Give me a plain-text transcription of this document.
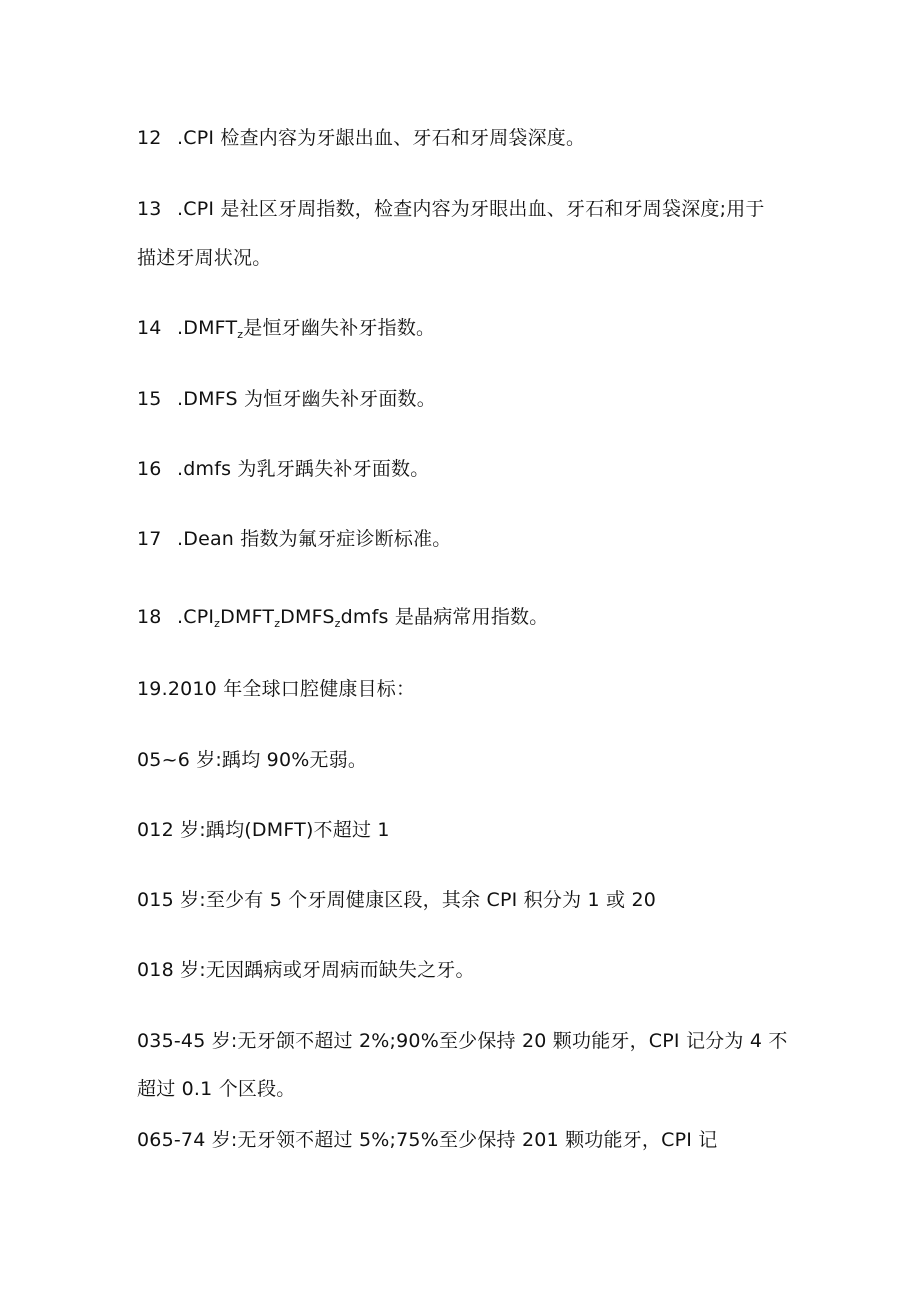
12 .CPI 检查内容为牙龈出血、牙石和牙周袋深度。
13 .CPI 是社区牙周指数，检查内容为牙眼出血、牙石和牙周袋深度;用于
描述牙周状况。
14 $.DMFT_z$是恒牙幽失补牙指数。
15 .DMFS 为恒牙幽失补牙面数。
16 .dmfs 为乳牙踽失补牙面数。
17 .Dean 指数为氟牙症诊断标准。
18 $.CPI_zDMFT_zDMFS_zdmfs$ 是晶病常用指数。
19.2010 年全球口腔健康目标：
05~6 岁:踽均 90%无弱。
012 岁:踽均(DMFT)不超过 1
015 岁:至少有 5 个牙周健康区段，其余 CPI 积分为 1 或 20
018 岁:无因踽病或牙周病而缺失之牙。
035-45 岁:无牙颌不超过 2%;90%至少保持 20 颗功能牙，CPI 记分为 4 不
超过 0.1 个区段。
065-74 岁:无牙领不超过 5%;75%至少保持 201 颗功能牙，CPI 记
